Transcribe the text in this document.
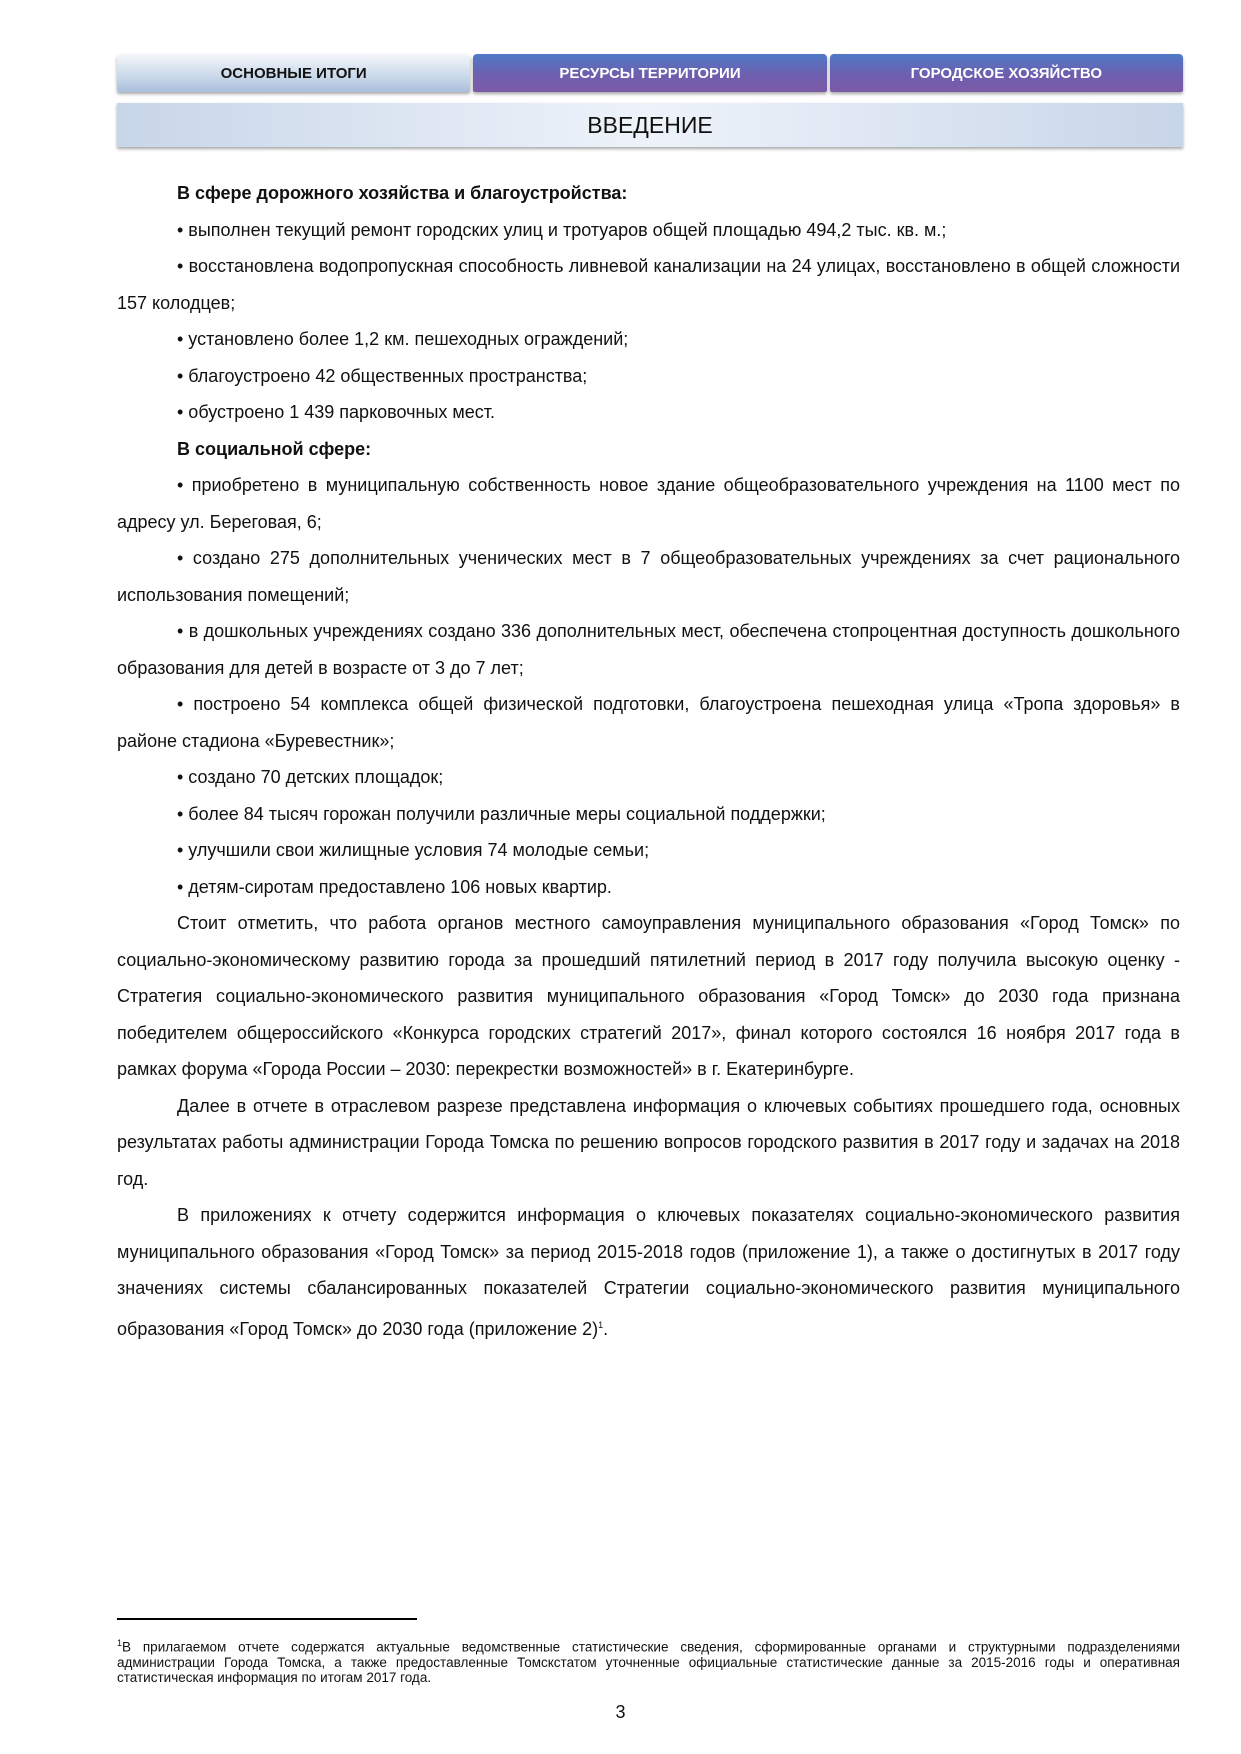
ОСНОВНЫЕ ИТОГИ	РЕСУРСЫ ТЕРРИТОРИИ	ГОРОДСКОЕ ХОЗЯЙСТВО
ВВЕДЕНИЕ

В сфере дорожного хозяйства и благоустройства:

• выполнен текущий ремонт городских улиц и тротуаров общей площадью 494,2 тыс. кв. м.;

• восстановлена водопропускная способность ливневой канализации на 24 улицах, восстановлено в общей сложности 157 колодцев;

• установлено более 1,2 км. пешеходных ограждений;

• благоустроено 42 общественных пространства;

• обустроено 1 439 парковочных мест.

В социальной сфере:

• приобретено в муниципальную собственность новое здание общеобразовательного учреждения на 1100 мест по адресу ул. Береговая, 6;

• создано 275 дополнительных ученических мест в 7 общеобразовательных учреждениях за счет рационального использования помещений;

• в дошкольных учреждениях создано 336 дополнительных мест, обеспечена стопроцентная доступность дошкольного образования для детей в возрасте от 3 до 7 лет;

• построено 54 комплекса общей физической подготовки, благоустроена пешеходная улица «Тропа здоровья» в районе стадиона «Буревестник»;

• создано 70 детских площадок;

• более 84 тысяч горожан получили различные меры социальной поддержки;

• улучшили свои жилищные условия 74 молодые семьи;

• детям-сиротам предоставлено 106 новых квартир.

Стоит отметить, что работа органов местного самоуправления муниципального образования «Город Томск» по социально-экономическому развитию города за прошедший пятилетний период в 2017 году получила высокую оценку - Стратегия социально-экономического развития муниципального образования «Город Томск» до 2030 года признана победителем общероссийского «Конкурса городских стратегий 2017», финал которого состоялся 16 ноября 2017 года в рамках форума «Города России – 2030: перекрестки возможностей» в г. Екатеринбурге.

Далее в отчете в отраслевом разрезе представлена информация о ключевых событиях прошедшего года, основных результатах работы администрации Города Томска по решению вопросов городского развития в 2017 году и задачах на 2018 год.

В приложениях к отчету содержится информация о ключевых показателях социально-экономического развития муниципального образования «Город Томск» за период 2015-2018 годов (приложение 1), а также о достигнутых в 2017 году значениях системы сбалансированных показателей Стратегии социально-экономического развития муниципального образования «Город Томск» до 2030 года (приложение 2)$^1$.

$^1$В прилагаемом отчете содержатся актуальные ведомственные статистические сведения, сформированные органами и структурными подразделениями администрации Города Томска, а также предоставленные Томскстатом уточненные официальные статистические данные за 2015-2016 годы и оперативная статистическая информация по итогам 2017 года.
3
